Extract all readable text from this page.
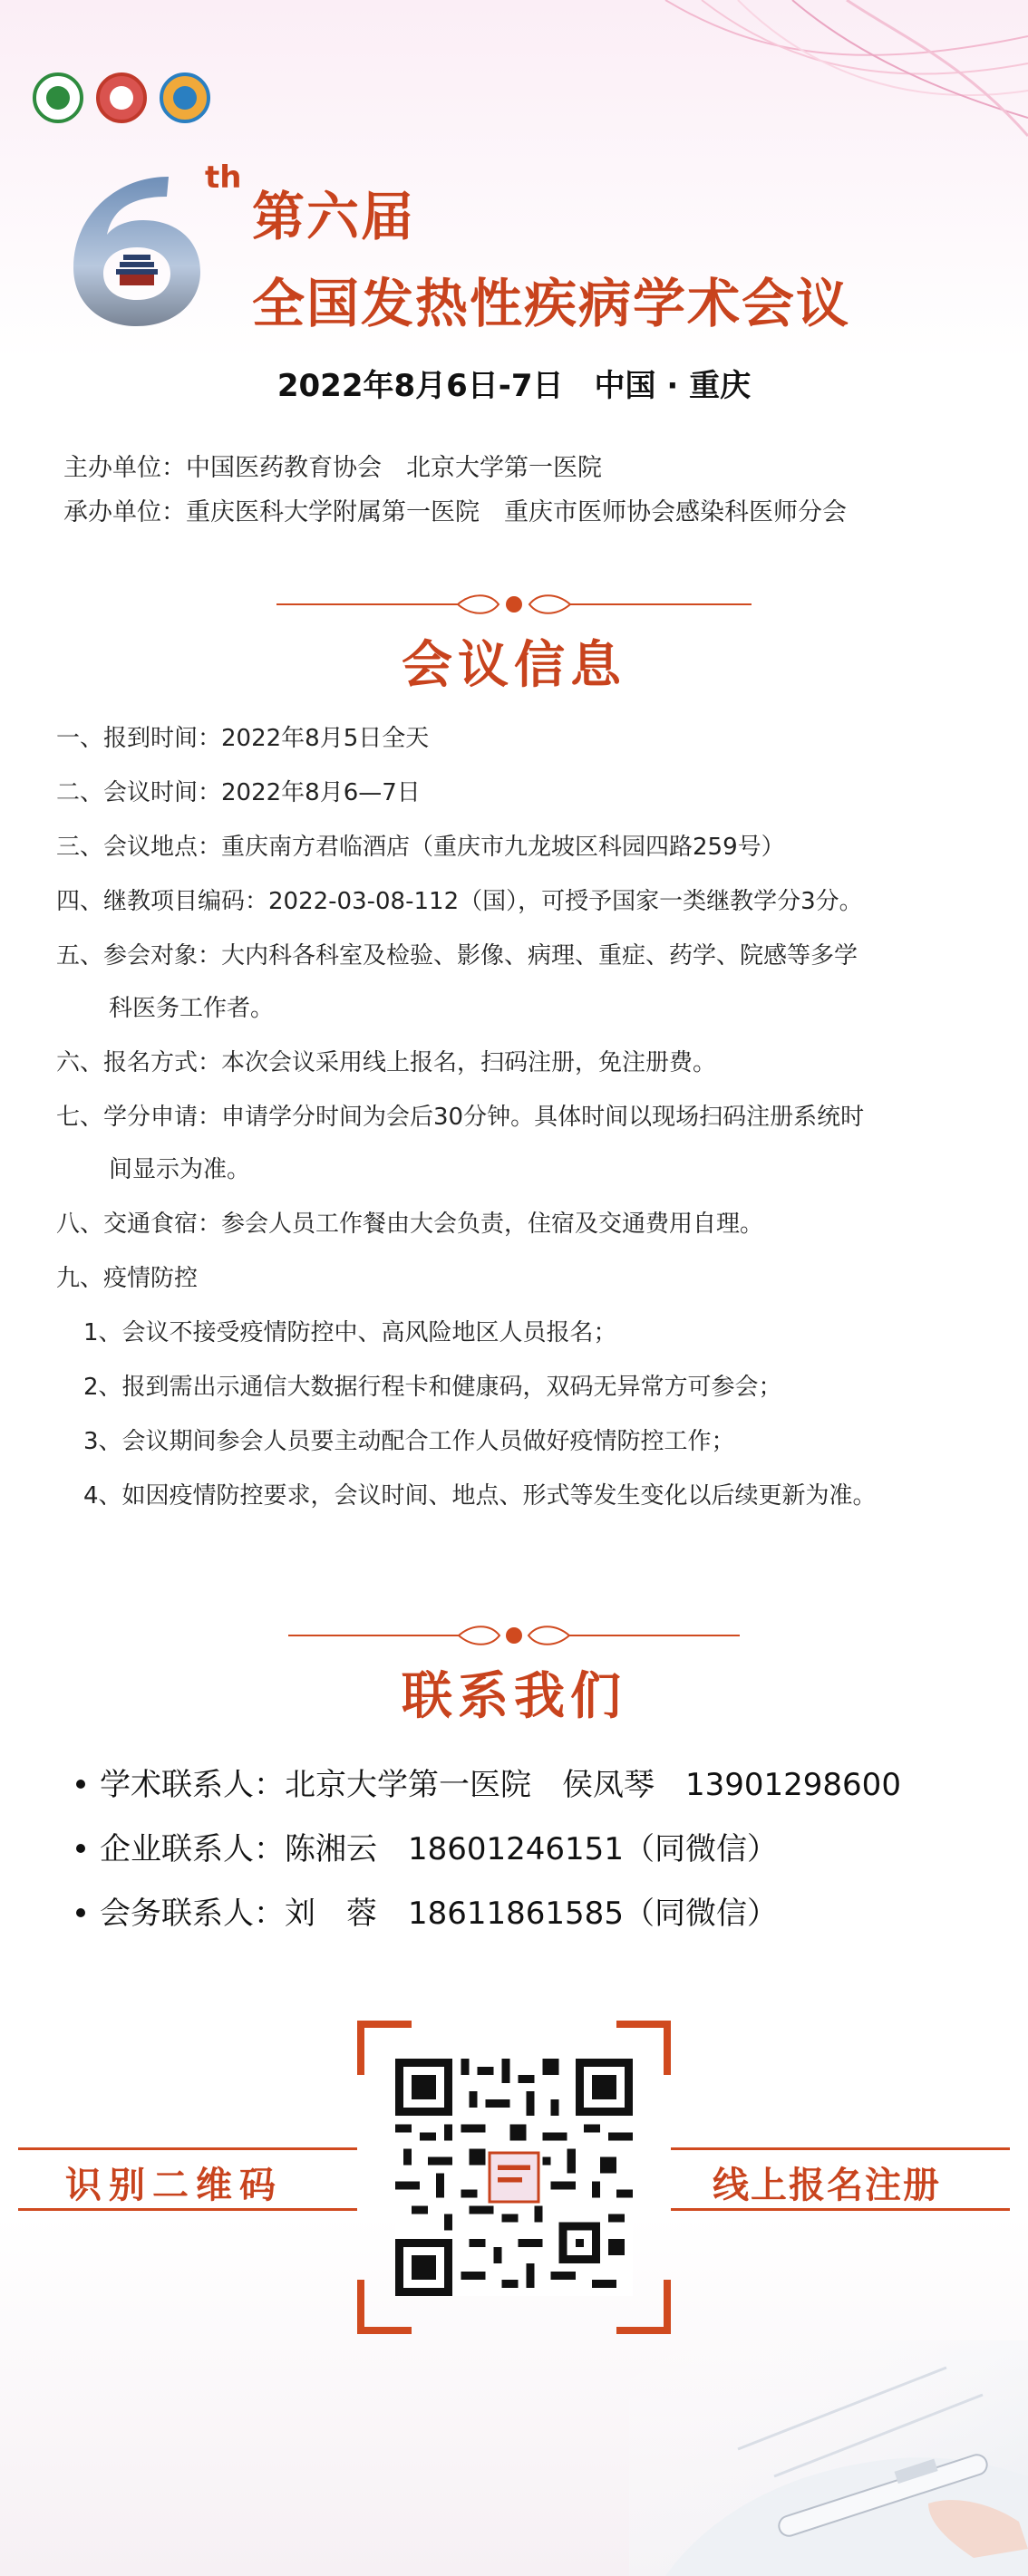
th
第六届
全国发热性疾病学术会议
2022年8月6日-7日　中国 · 重庆
主办单位：中国医药教育协会　北京大学第一医院
承办单位：重庆医科大学附属第一医院　重庆市医师协会感染科医师分会
会议信息
一、报到时间：2022年8月5日全天
二、会议时间：2022年8月6—7日
三、会议地点：重庆南方君临酒店（重庆市九龙坡区科园四路259号）
四、继教项目编码：2022-03-08-112（国），可授予国家一类继教学分3分。
五、参会对象：大内科各科室及检验、影像、病理、重症、药学、院感等多学
科医务工作者。
六、报名方式：本次会议采用线上报名，扫码注册，免注册费。
七、学分申请：申请学分时间为会后30分钟。具体时间以现场扫码注册系统时
间显示为准。
八、交通食宿：参会人员工作餐由大会负责，住宿及交通费用自理。
九、疫情防控
1、会议不接受疫情防控中、高风险地区人员报名；
2、报到需出示通信大数据行程卡和健康码，双码无异常方可参会；
3、会议期间参会人员要主动配合工作人员做好疫情防控工作；
4、如因疫情防控要求，会议时间、地点、形式等发生变化以后续更新为准。
联系我们
学术联系人：北京大学第一医院　侯凤琴　13901298600
企业联系人：陈湘云　18601246151（同微信）
会务联系人：刘　蓉　18611861585（同微信）
识别二维码	线上报名注册
